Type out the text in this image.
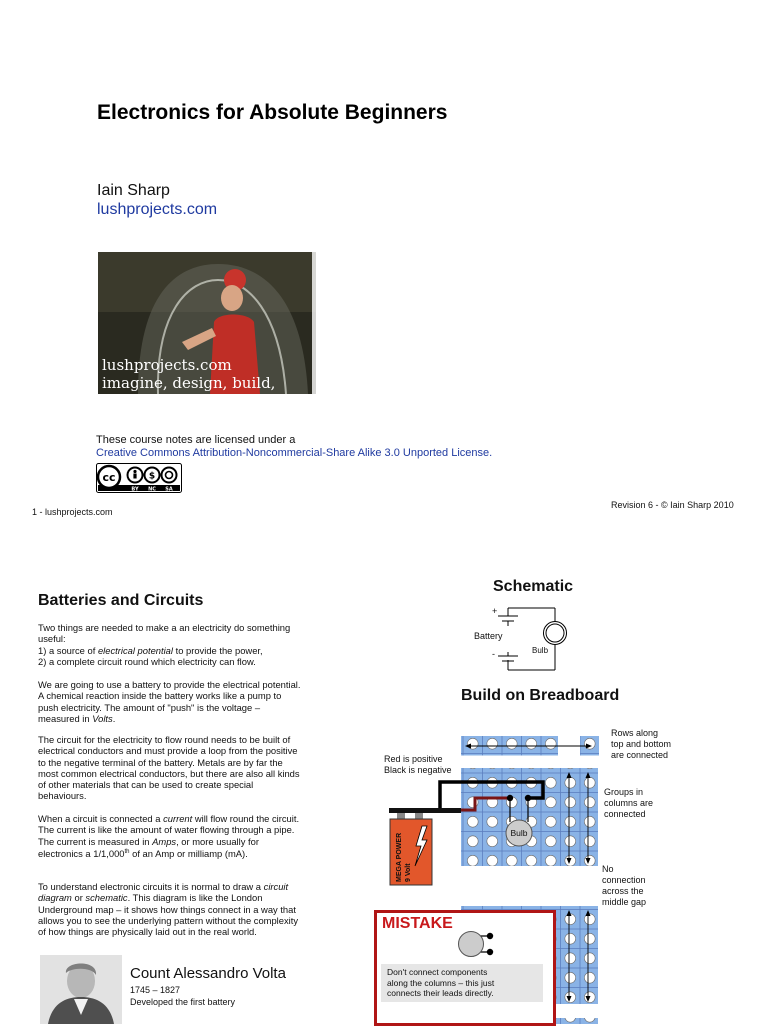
Electronics for Absolute Beginners
Iain Sharp
lushprojects.com
lushprojects.com
imagine, design, build, delight
These course notes are licensed under a
Creative Commons Attribution-Noncommercial-Share Alike 3.0 Unported License.
cc	$
BY NC SA
1 - lushprojects.com
Revision 6 - © Iain Sharp 2010
Batteries and Circuits

Two things are needed to make a an electricity do something

useful:

1) a source of electrical potential to provide the power,

2) a complete circuit round which electricity can flow.

We are going to use a battery to provide the electrical potential.

A chemical reaction inside the battery works like a pump to

push electricity. The amount of "push" is the voltage –

measured in Volts.

The circuit for the electricity to flow round needs to be built of

electrical conductors and must provide a loop from the positive

to the negative terminal of the battery. Metals are by far the

most common electrical conductors, but there are also all kinds

of other materials that can be used to create special

behaviours.

When a circuit is connected a current will flow round the circuit.

The current is like the amount of water flowing through a pipe.

The current is measured in Amps, or more usually for

electronics a 1/1,000th of an Amp or milliamp (mA).

To understand electronic circuits it is normal to draw a circuit

diagram or schematic. This diagram is like the London

Underground map – it shows how things connect in a way that

allows you to see the underlying pattern without the complexity

of how things are physically laid out in the real world.

Count Alessandro Volta
1745 – 1827
Developed the first battery
Schematic
+
Battery
-	Bulb
Build on Breadboard
Rows along
top and bottom
are connected
Red is positive
Black is negative
Groups in
columns are
connected
No
connection
across the
middle gap
Bulb
MEGA POWER 9 Volt
MISTAKE
Don't connect components
along the columns – this just
connects their leads directly.
